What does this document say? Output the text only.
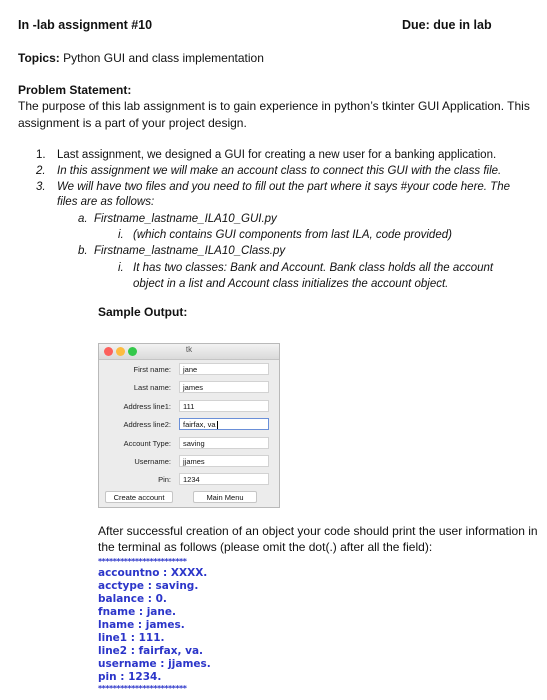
In -lab assignment #10	Due: due in lab
Topics: Python GUI and class implementation
Problem Statement:
The purpose of this lab assignment is to gain experience in python’s tkinter GUI Application. This assignment is a part of your project design.
1. Last assignment, we designed a GUI for creating a new user for a banking application.
2. In this assignment we will make an account class to connect this GUI with the class file.
3. We will have two files and you need to fill out the part where it says #your code here. The
files are as follows:
a. Firstname_lastname_ILA10_GUI.py
i. (which contains GUI components from last ILA, code provided)
b. Firstname_lastname_ILA10_Class.py
i. It has two classes: Bank and Account. Bank class holds all the account
object in a list and Account class initializes the account object.
Sample Output:
tk
First name:	jane
Last name:	james
Address line1:	111
Address line2:	fairfax, va
Account Type:	saving
Username:	jjames
Pin:	1234
Create account	Main Menu
After successful creation of an object your code should print the user information in the terminal as follows (please omit the dot(.) after all the field):
************************
accountno : XXXX.
acctype : saving.
balance : 0.
fname : jane.
lname : james.
line1 : 111.
line2 : fairfax, va.
username : jjames.
pin : 1234.
************************
